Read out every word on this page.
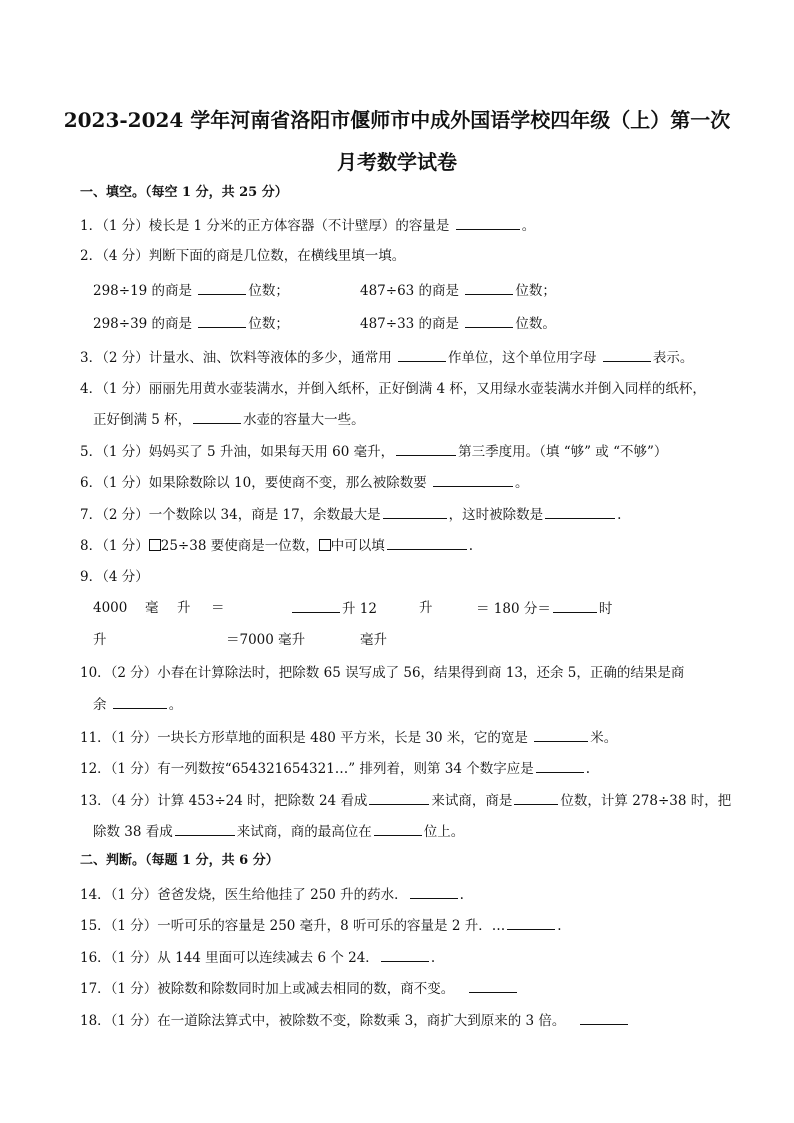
2023-2024 学年河南省洛阳市偃师市中成外国语学校四年级（上）第一次
月考数学试卷
一、填空。（每空 1 分，共 25 分）
1．（1 分）棱长是 1 分米的正方体容器（不计壁厚）的容量是	。
2．（4 分）判断下面的商是几位数，在横线里填一填。
298÷19 的商是	位数；	487÷63 的商是	位数；
298÷39 的商是	位数；	487÷33 的商是	位数。
3．（2 分）计量水、油、饮料等液体的多少，通常用	作单位，这个单位用字母	表示。
4．（1 分）丽丽先用黄水壶装满水，并倒入纸杯，正好倒满 4 杯，又用绿水壶装满水并倒入同样的纸杯，
正好倒满 5 杯，	水壶的容量大一些。
5．（1 分）妈妈买了 5 升油，如果每天用 60 毫升，	第三季度用。（填 “够” 或 “不够”）
6．（1 分）如果除数除以 10，要使商不变，那么被除数要	。
7．（2 分）一个数除以 34，商是 17，余数最大是	，这时被除数是	.
8．（1 分） 25÷38 要使商是一位数， 中可以填	.
9．（4 分）
4000 毫 升 ＝	升 12	升	＝ 180 分＝	时
升	＝7000 毫升	毫升
10．（2 分）小春在计算除法时，把除数 65 误写成了 56，结果得到商 13，还余 5，正确的结果是商
余	。
11．（1 分）一块长方形草地的面积是 480 平方米，长是 30 米，它的宽是	米。
12．（1 分）有一列数按“654321654321…” 排列着，则第 34 个数字应是	.
13．（4 分）计算 453÷24 时，把除数 24 看成	来试商，商是	位数，计算 278÷38 时，把
除数 38 看成	来试商，商的最高位在	位上。
二、判断。（每题 1 分，共 6 分）
14．（1 分）爸爸发烧，医生给他挂了 250 升的药水．	.
15．（1 分）一听可乐的容量是 250 毫升，8 听可乐的容量是 2 升．…	.
16．（1 分）从 144 里面可以连续减去 6 个 24．	.
17．（1 分）被除数和除数同时加上或减去相同的数，商不变。
18．（1 分）在一道除法算式中，被除数不变，除数乘 3，商扩大到原来的 3 倍。
